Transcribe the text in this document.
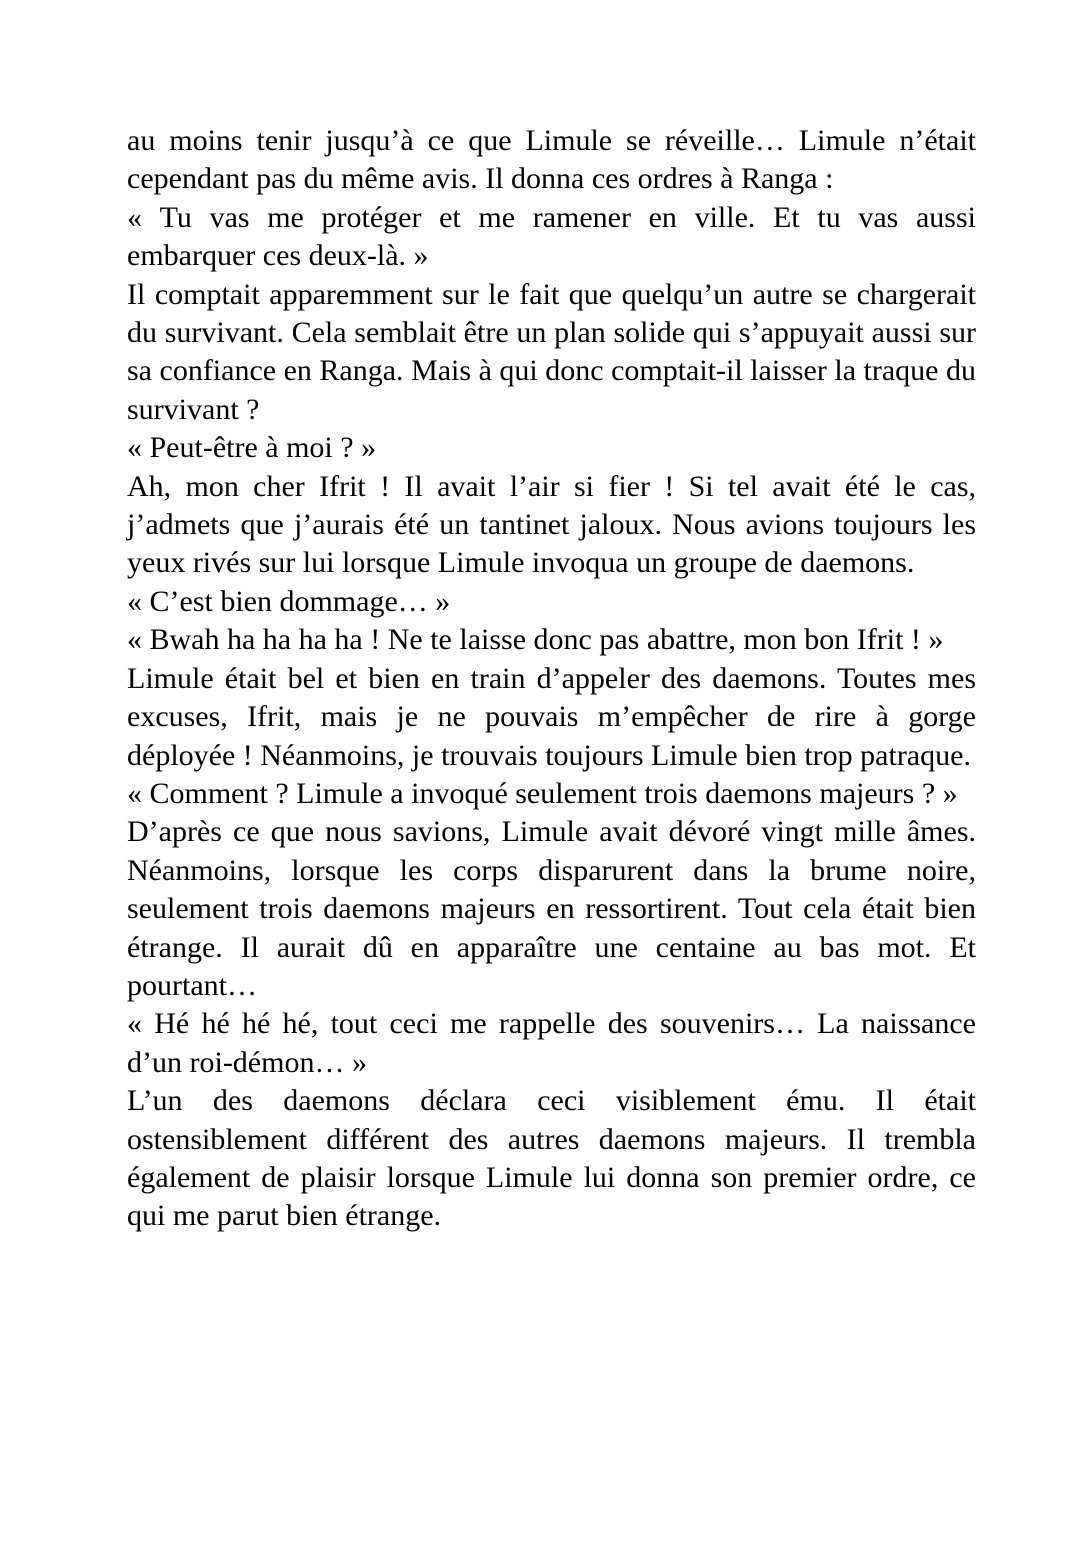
au moins tenir jusqu’à ce que Limule se réveille… Limule n’était cependant pas du même avis. Il donna ces ordres à Ranga :

« Tu vas me protéger et me ramener en ville. Et tu vas aussi embarquer ces deux-là. »

Il comptait apparemment sur le fait que quelqu’un autre se chargerait du survivant. Cela semblait être un plan solide qui s’appuyait aussi sur sa confiance en Ranga. Mais à qui donc comptait-il laisser la traque du survivant ?

« Peut-être à moi ? »

Ah, mon cher Ifrit ! Il avait l’air si fier ! Si tel avait été le cas, j’admets que j’aurais été un tantinet jaloux. Nous avions toujours les yeux rivés sur lui lorsque Limule invoqua un groupe de daemons.

« C’est bien dommage… »

« Bwah ha ha ha ha ! Ne te laisse donc pas abattre, mon bon Ifrit ! »

Limule était bel et bien en train d’appeler des daemons. Toutes mes excuses, Ifrit, mais je ne pouvais m’empêcher de rire à gorge déployée ! Néanmoins, je trouvais toujours Limule bien trop patraque.

« Comment ? Limule a invoqué seulement trois daemons majeurs ? »

D’après ce que nous savions, Limule avait dévoré vingt mille âmes. Néanmoins, lorsque les corps disparurent dans la brume noire, seulement trois daemons majeurs en ressortirent. Tout cela était bien étrange. Il aurait dû en apparaître une centaine au bas mot. Et pourtant…

« Hé hé hé hé, tout ceci me rappelle des souvenirs… La naissance d’un roi-démon… »

L’un des daemons déclara ceci visiblement ému. Il était ostensiblement différent des autres daemons majeurs. Il trembla également de plaisir lorsque Limule lui donna son premier ordre, ce qui me parut bien étrange.
